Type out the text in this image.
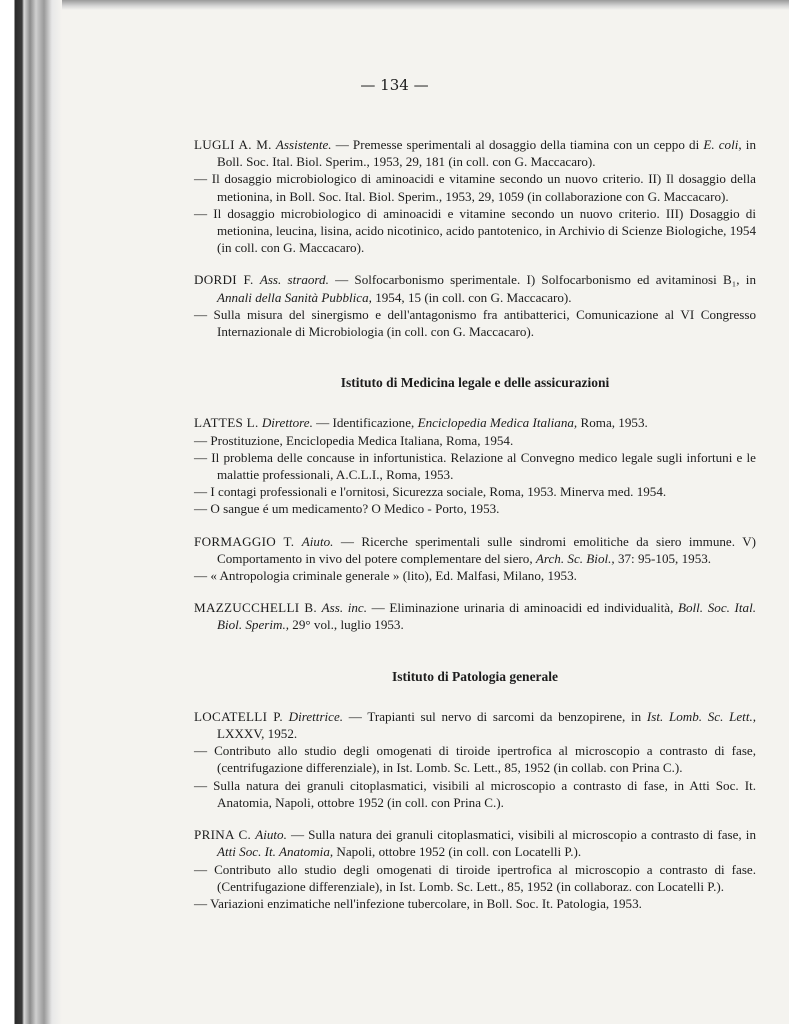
— 134 —
LUGLI A. M. Assistente. — Premesse sperimentali al dosaggio della tiamina con un ceppo di E. coli, in Boll. Soc. Ital. Biol. Sperim., 1953, 29, 181 (in coll. con G. Maccacaro).
— Il dosaggio microbiologico di aminoacidi e vitamine secondo un nuovo criterio. II) Il dosaggio della metionina, in Boll. Soc. Ital. Biol. Sperim., 1953, 29, 1059 (in collaborazione con G. Maccacaro).
— Il dosaggio microbiologico di aminoacidi e vitamine secondo un nuovo criterio. III) Dosaggio di metionina, leucina, lisina, acido nicotinico, acido pantotenico, in Archivio di Scienze Biologiche, 1954 (in coll. con G. Maccacaro).
DORDI F. Ass. straord. — Solfocarbonismo sperimentale. I) Solfocarbonismo ed avitaminosi B₁, in Annali della Sanità Pubblica, 1954, 15 (in coll. con G. Maccacaro).
— Sulla misura del sinergismo e dell'antagonismo fra antibatterici, Comunicazione al VI Congresso Internazionale di Microbiologia (in coll. con G. Maccacaro).
Istituto di Medicina legale e delle assicurazioni
LATTES L. Direttore. — Identificazione, Enciclopedia Medica Italiana, Roma, 1953.
— Prostituzione, Enciclopedia Medica Italiana, Roma, 1954.
— Il problema delle concause in infortunistica. Relazione al Convegno medico legale sugli infortuni e le malattie professionali, A.C.L.I., Roma, 1953.
— I contagi professionali e l'ornitosi, Sicurezza sociale, Roma, 1953. Minerva med. 1954.
— O sangue é um medicamento? O Medico - Porto, 1953.
FORMAGGIO T. Aiuto. — Ricerche sperimentali sulle sindromi emolitiche da siero immune. V) Comportamento in vivo del potere complementare del siero, Arch. Sc. Biol., 37: 95-105, 1953.
— « Antropologia criminale generale » (lito), Ed. Malfasi, Milano, 1953.
MAZZUCCHELLI B. Ass. inc. — Eliminazione urinaria di aminoacidi ed individualità, Boll. Soc. Ital. Biol. Sperim., 29° vol., luglio 1953.
Istituto di Patologia generale
LOCATELLI P. Direttrice. — Trapianti sul nervo di sarcomi da benzopirene, in Ist. Lomb. Sc. Lett., LXXXV, 1952.
— Contributo allo studio degli omogenati di tiroide ipertrofica al microscopio a contrasto di fase, (centrifugazione differenziale), in Ist. Lomb. Sc. Lett., 85, 1952 (in collab. con Prina C.).
— Sulla natura dei granuli citoplasmatici, visibili al microscopio a contrasto di fase, in Atti Soc. It. Anatomia, Napoli, ottobre 1952 (in coll. con Prina C.).
PRINA C. Aiuto. — Sulla natura dei granuli citoplasmatici, visibili al microscopio a contrasto di fase, in Atti Soc. It. Anatomia, Napoli, ottobre 1952 (in coll. con Locatelli P.).
— Contributo allo studio degli omogenati di tiroide ipertrofica al microscopio a contrasto di fase. (Centrifugazione differenziale), in Ist. Lomb. Sc. Lett., 85, 1952 (in collaboraz. con Locatelli P.).
— Variazioni enzimatiche nell'infezione tubercolare, in Boll. Soc. It. Patologia, 1953.
